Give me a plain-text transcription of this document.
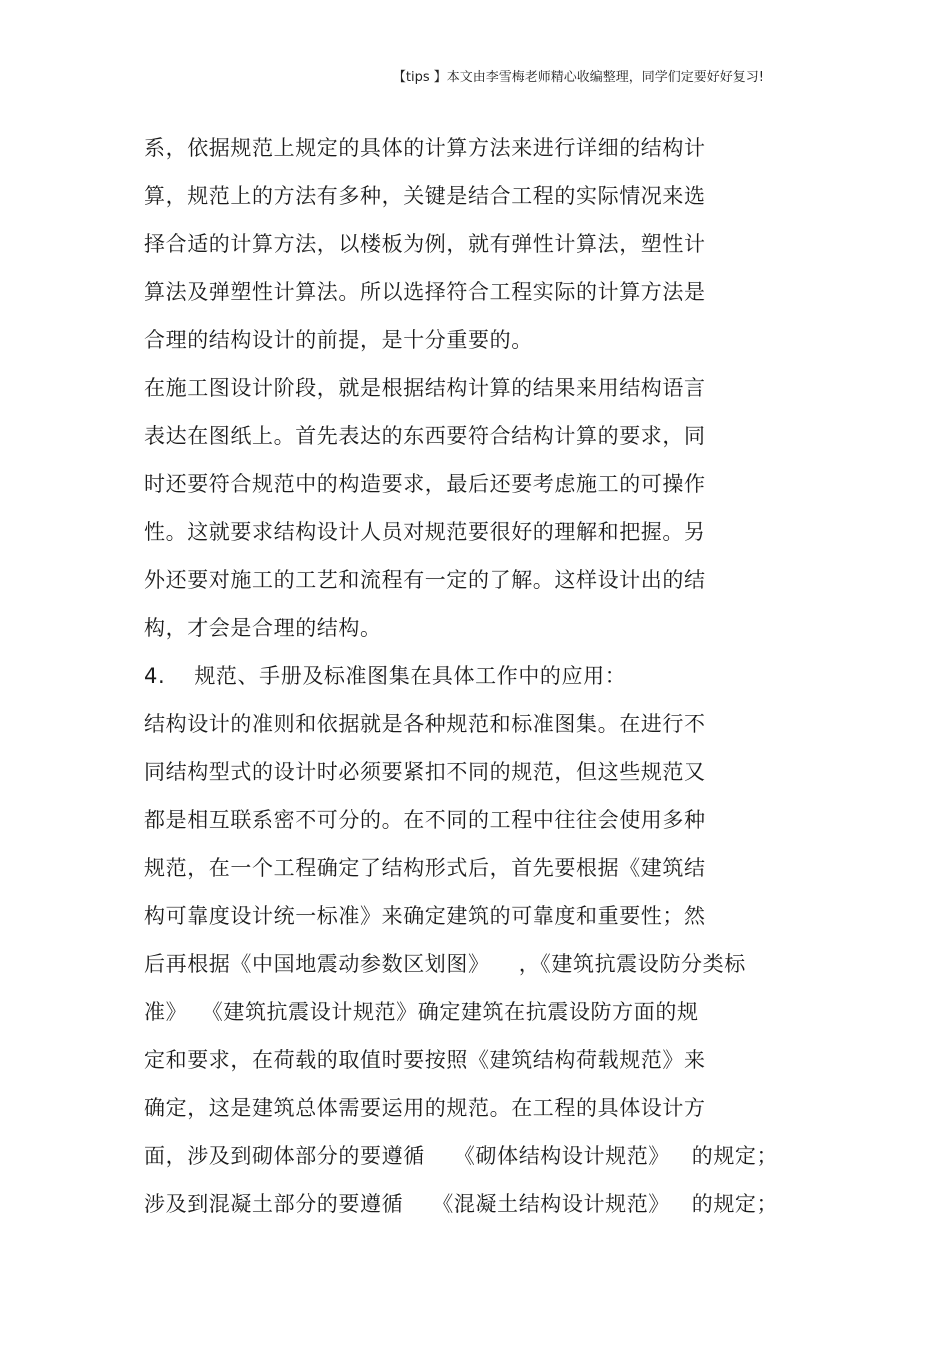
【tips 】本文由李雪梅老师精心收编整理，同学们定要好好复习!
系，依据规范上规定的具体的计算方法来进行详细的结构计
算，规范上的方法有多种，关键是结合工程的实际情况来选
择合适的计算方法，以楼板为例，就有弹性计算法，塑性计
算法及弹塑性计算法。所以选择符合工程实际的计算方法是
合理的结构设计的前提，是十分重要的。
在施工图设计阶段，就是根据结构计算的结果来用结构语言
表达在图纸上。首先表达的东西要符合结构计算的要求，同
时还要符合规范中的构造要求，最后还要考虑施工的可操作
性。这就要求结构设计人员对规范要很好的理解和把握。另
外还要对施工的工艺和流程有一定的了解。这样设计出的结
构，才会是合理的结构。
4.    规范、手册及标准图集在具体工作中的应用：
结构设计的准则和依据就是各种规范和标准图集。在进行不
同结构型式的设计时必须要紧扣不同的规范，但这些规范又
都是相互联系密不可分的。在不同的工程中往往会使用多种
规范，在一个工程确定了结构形式后，首先要根据《建筑结
构可靠度设计统一标准》来确定建筑的可靠度和重要性；然
后再根据《中国地震动参数区划图》    ，《建筑抗震设防分类标
准》  《建筑抗震设计规范》确定建筑在抗震设防方面的规
定和要求，在荷载的取值时要按照《建筑结构荷载规范》来
确定，这是建筑总体需要运用的规范。在工程的具体设计方
面，涉及到砌体部分的要遵循    《砌体结构设计规范》   的规定；
涉及到混凝土部分的要遵循    《混凝土结构设计规范》   的规定；
